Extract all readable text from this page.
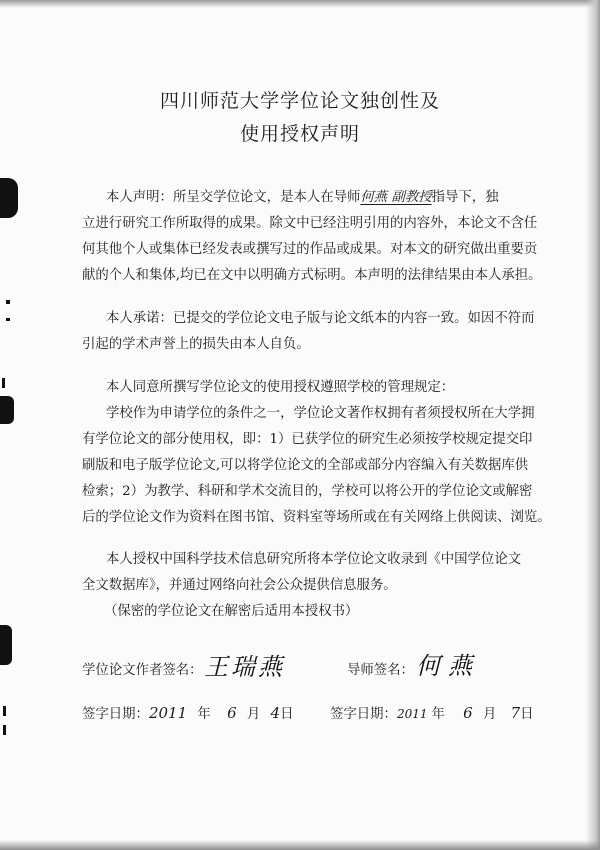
四川师范大学学位论文独创性及
使用授权声明
本人声明：所呈交学位论文，是本人在导师何燕 副教授指导下，独
立进行研究工作所取得的成果。除文中已经注明引用的内容外，本论文不含任
何其他个人或集体已经发表或撰写过的作品或成果。对本文的研究做出重要贡
献的个人和集体,均已在文中以明确方式标明。本声明的法律结果由本人承担。
本人承诺：已提交的学位论文电子版与论文纸本的内容一致。如因不符而
引起的学术声誉上的损失由本人自负。
本人同意所撰写学位论文的使用授权遵照学校的管理规定：
学校作为申请学位的条件之一，学位论文著作权拥有者须授权所在大学拥
有学位论文的部分使用权，即：1）已获学位的研究生必须按学校规定提交印
刷版和电子版学位论文,可以将学位论文的全部或部分内容编入有关数据库供
检索；2）为教学、科研和学术交流目的，学校可以将公开的学位论文或解密
后的学位论文作为资料在图书馆、资料室等场所或在有关网络上供阅读、浏览。
本人授权中国科学技术信息研究所将本学位论文收录到《中国学位论文
全文数据库》，并通过网络向社会公众提供信息服务。
（保密的学位论文在解密后适用本授权书）
学位论文作者签名： 王瑞燕	导师签名： 何燕
签字日期：2011 年 6 月 4日	签字日期：2011 年 6 月 7日
